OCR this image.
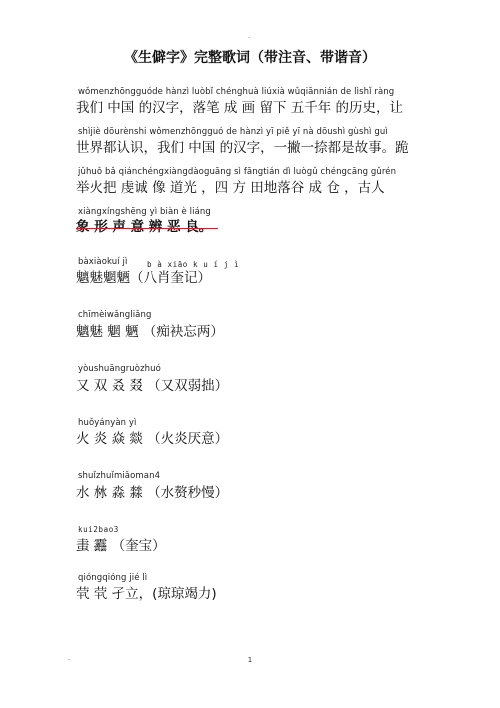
.
《生僻字》完整歌词（带注音、带谐音）
wǒmenzhōngguóde hànzì luòbǐ chénghuà liúxià wǔqiānnián de lìshǐ ràng
我们 中国 的汉字，落笔 成 画 留下 五千年 的历史，让
shìjiè dōurènshi wǒmenzhōngguó de hànzì yī piě yī nà dōushì gùshì guì
世界都认识，我们 中国 的汉字，一撇一捺都是故事。跪
jǔhuǒ bǎ qiánchéngxiàngdàoguāng sì fāngtián dì luògǔ chéngcāng gǔrén
举火把 虔诚 像 道光 ，四 方 田地落谷 成 仓 ，古人
xiàngxíngshēng yì biàn è liáng
象 形 声 意 辨 恶 良。
bàxiàokuí jì	b à xiāo k u í j ì
魑魅魍魉（八肖奎记）
chīmèiwǎngliǎng
魑魅 魍 魉 （痴袂忘两）
yòushuāngruòzhuó
又 双 叒 叕 （又双弱拙）
huǒyányàn yì
火 炎 焱 燚 （火炎厌意）
shuǐzhuǐmiǎoman4
水 沝 淼 㵘 （水赘秒慢）
kui2bao3
䖯 䨺 （奎宝）
qióngqióng jié lì
茕 茕 孑立，(琼琼竭力)
.	1
